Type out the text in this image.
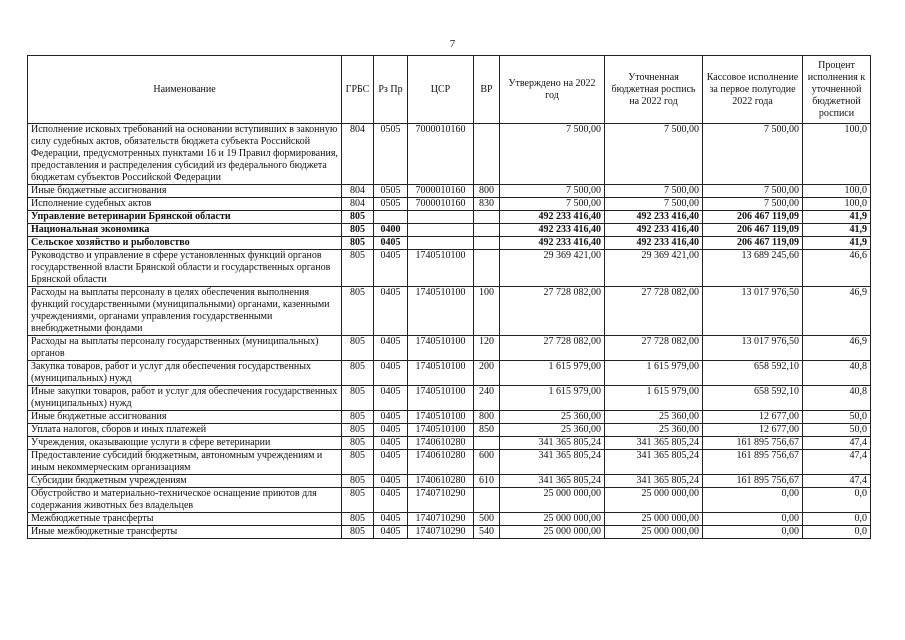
7
Наименование	ГРБС	Рз Пр	ЦСР	ВР	Утверждено на 2022 год	Уточненная бюджетная роспись на 2022 год	Кассовое исполнение за первое полугодие 2022 года	Процент исполнения к уточненной бюджетной росписи
Исполнение исковых требований на основании вступивших в законную силу судебных актов, обязательств бюджета субъекта Российской Федерации, предусмотренных пунктами 16 и 19 Правил формирования, предоставления и распределения субсидий из федерального бюджета бюджетам субъектов Российской Федерации	804	0505	7000010160		7 500,00	7 500,00	7 500,00	100,0
Иные бюджетные ассигнования	804	0505	7000010160	800	7 500,00	7 500,00	7 500,00	100,0
Исполнение судебных актов	804	0505	7000010160	830	7 500,00	7 500,00	7 500,00	100,0
Управление ветеринарии Брянской области	805				492 233 416,40	492 233 416,40	206 467 119,09	41,9
Национальная экономика	805	0400			492 233 416,40	492 233 416,40	206 467 119,09	41,9
Сельское хозяйство и рыболовство	805	0405			492 233 416,40	492 233 416,40	206 467 119,09	41,9
Руководство и управление в сфере установленных функций органов государственной власти Брянской области и государственных органов Брянской области	805	0405	1740510100		29 369 421,00	29 369 421,00	13 689 245,60	46,6
Расходы на выплаты персоналу в целях обеспечения выполнения функций государственными (муниципальными) органами, казенными учреждениями, органами управления государственными внебюджетными фондами	805	0405	1740510100	100	27 728 082,00	27 728 082,00	13 017 976,50	46,9
Расходы на выплаты персоналу государственных (муниципальных) органов	805	0405	1740510100	120	27 728 082,00	27 728 082,00	13 017 976,50	46,9
Закупка товаров, работ и услуг для обеспечения государственных (муниципальных) нужд	805	0405	1740510100	200	1 615 979,00	1 615 979,00	658 592,10	40,8
Иные закупки товаров, работ и услуг для обеспечения государственных (муниципальных) нужд	805	0405	1740510100	240	1 615 979,00	1 615 979,00	658 592,10	40,8
Иные бюджетные ассигнования	805	0405	1740510100	800	25 360,00	25 360,00	12 677,00	50,0
Уплата налогов, сборов и иных платежей	805	0405	1740510100	850	25 360,00	25 360,00	12 677,00	50,0
Учреждения, оказывающие услуги в сфере ветеринарии	805	0405	1740610280		341 365 805,24	341 365 805,24	161 895 756,67	47,4
Предоставление субсидий бюджетным, автономным учреждениям и иным некоммерческим организациям	805	0405	1740610280	600	341 365 805,24	341 365 805,24	161 895 756,67	47,4
Субсидии бюджетным учреждениям	805	0405	1740610280	610	341 365 805,24	341 365 805,24	161 895 756,67	47,4
Обустройство и материально-техническое оснащение приютов для содержания животных без владельцев	805	0405	1740710290		25 000 000,00	25 000 000,00	0,00	0,0
Межбюджетные трансферты	805	0405	1740710290	500	25 000 000,00	25 000 000,00	0,00	0,0
Иные межбюджетные трансферты	805	0405	1740710290	540	25 000 000,00	25 000 000,00	0,00	0,0
